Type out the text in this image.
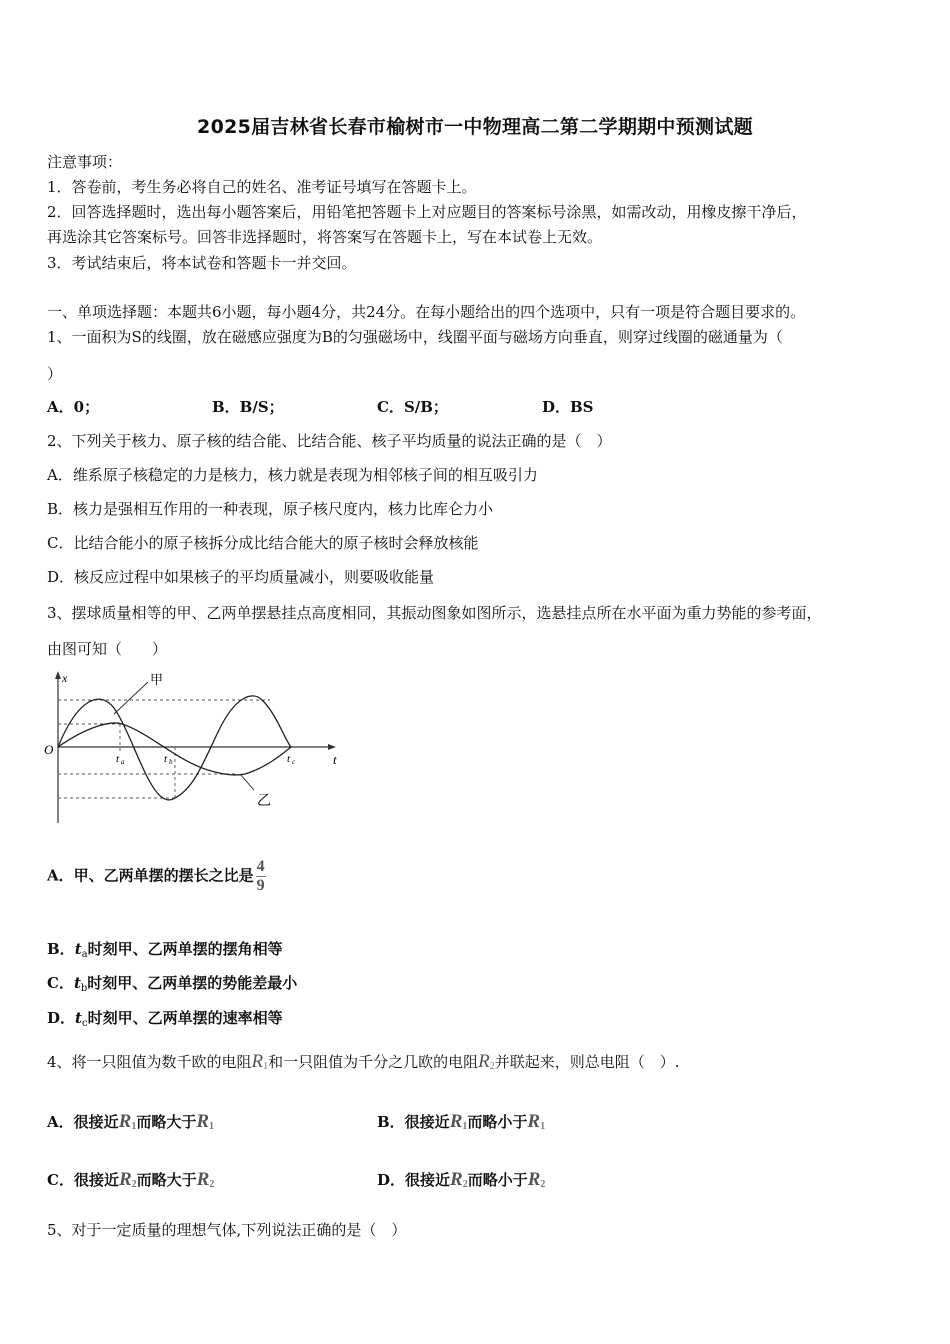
2025届吉林省长春市榆树市一中物理高二第二学期期中预测试题
注意事项：
1．答卷前，考生务必将自己的姓名、准考证号填写在答题卡上。
2．回答选择题时，选出每小题答案后，用铅笔把答题卡上对应题目的答案标号涂黑，如需改动，用橡皮擦干净后，
再选涂其它答案标号。回答非选择题时，将答案写在答题卡上，写在本试卷上无效。
3．考试结束后，将本试卷和答题卡一并交回。
一、单项选择题：本题共6小题，每小题4分，共24分。在每小题给出的四个选项中，只有一项是符合题目要求的。
1、一面积为S的线圈，放在磁感应强度为B的匀强磁场中，线圈平面与磁场方向垂直，则穿过线圈的磁通量为（
）
A．0；	B．B/S；	C．S/B；	D．BS
2、下列关于核力、原子核的结合能、比结合能、核子平均质量的说法正确的是（　）
A．维系原子核稳定的力是核力，核力就是表现为相邻核子间的相互吸引力
B．核力是强相互作用的一种表现，原子核尺度内，核力比库仑力小
C．比结合能小的原子核拆分成比结合能大的原子核时会释放核能
D．核反应过程中如果核子的平均质量减小，则要吸收能量
3、摆球质量相等的甲、乙两单摆悬挂点高度相同，其振动图象如图所示，选悬挂点所在水平面为重力势能的参考面，
由图可知（　　）
x
t
O
甲
乙
t a	t b	t c
A．甲、乙两单摆的摆长之比是 $\frac{4}{9}$
B．$t_a$时刻甲、乙两单摆的摆角相等
C．$t_b$时刻甲、乙两单摆的势能差最小
D．$t_c$时刻甲、乙两单摆的速率相等
4、将一只阻值为数千欧的电阻R1和一只阻值为千分之几欧的电阻R2并联起来，则总电阻（　）.
A．很接近R1而略大于R1	B．很接近R1而略小于R1
C．很接近R2而略大于R2	D．很接近R2而略小于R2
5、对于一定质量的理想气体,下列说法正确的是（　）
